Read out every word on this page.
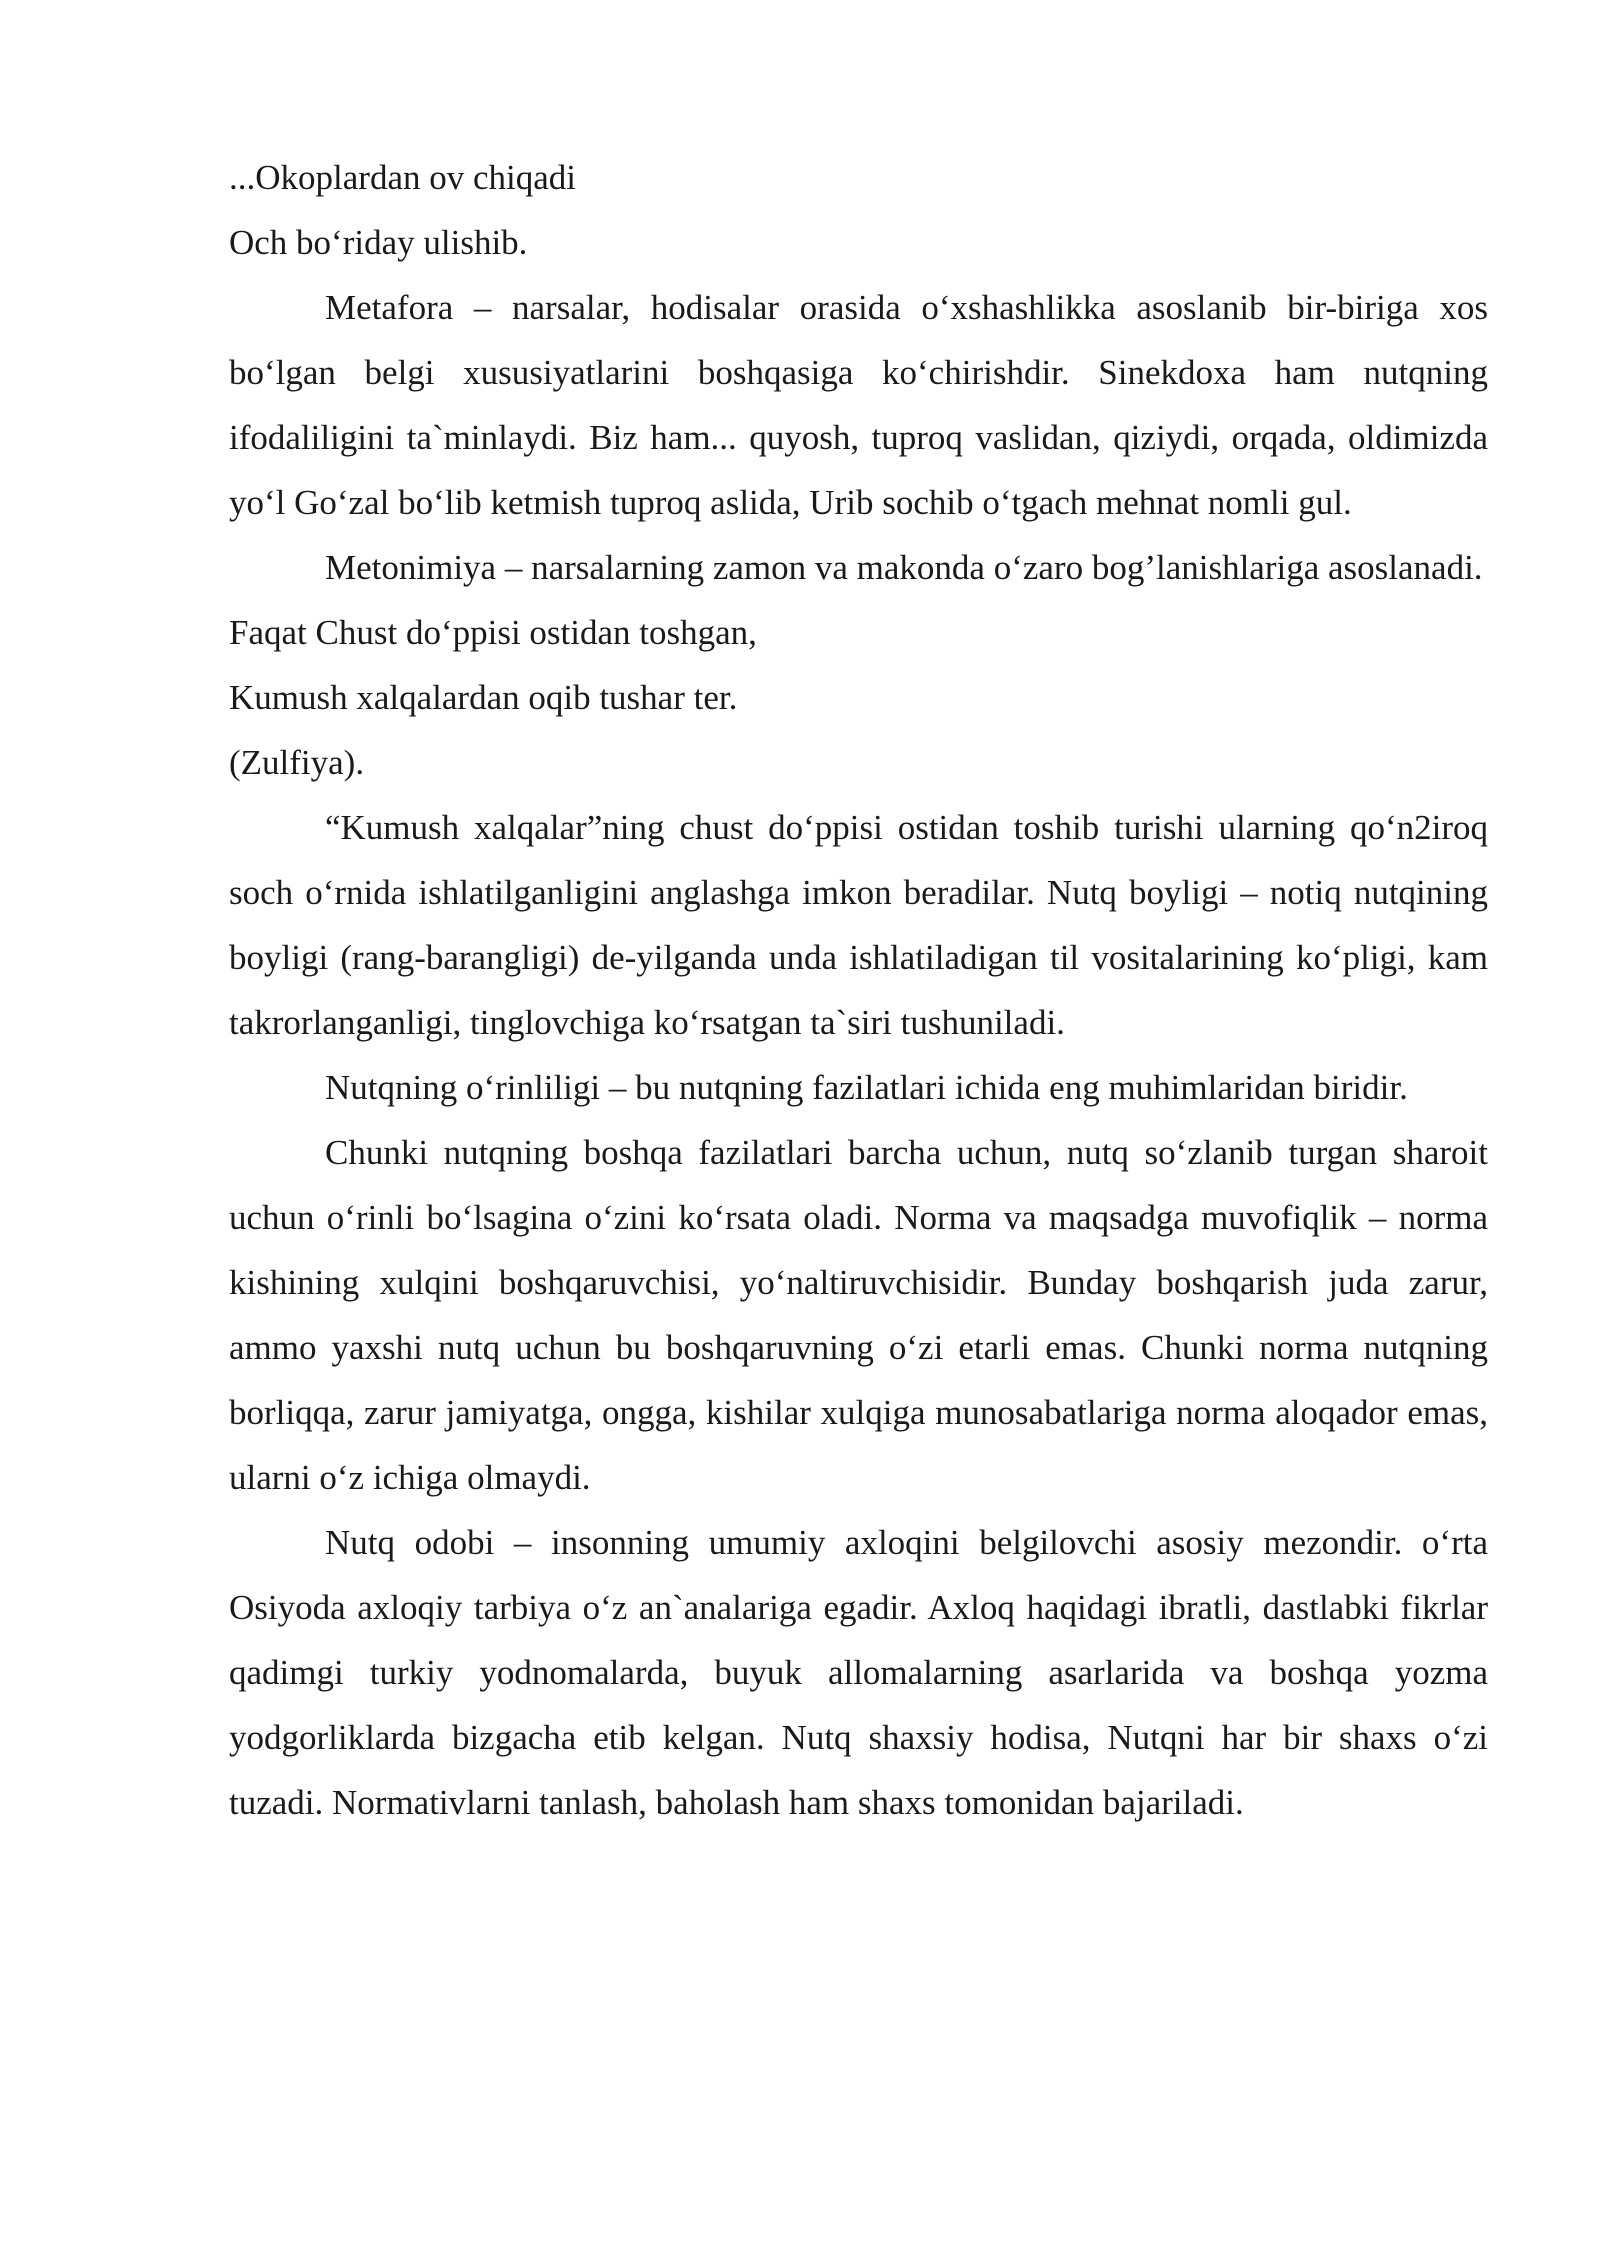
...Okoplardan ov chiqadi
Och bo‘riday ulishib.

Metafora – narsalar, hodisalar orasida o‘xshashlikka asoslanib bir-biriga xos bo‘lgan belgi xususiyatlarini boshqasiga ko‘chirishdir. Sinekdoxa ham nutqning ifodaliligini ta`minlaydi. Biz ham... quyosh, tuproq vaslidan, qiziydi, orqada, oldimizda yo‘l Go‘zal bo‘lib ketmish tuproq aslida, Urib sochib o‘tgach mehnat nomli gul.

Metonimiya – narsalarning zamon va makonda o‘zaro bog’lanishlariga asoslanadi.

Faqat Chust do‘ppisi ostidan toshgan,
Kumush xalqalardan oqib tushar ter.
(Zulfiya).

“Kumush xalqalar”ning chust do‘ppisi ostidan toshib turishi ularning qo‘n2iroq soch o‘rnida ishlatilganligini anglashga imkon beradilar. Nutq boyligi – notiq nutqining boyligi (rang-barangligi) de-yilganda unda ishlatiladigan til vositalarining ko‘pligi, kam takrorlanganligi, tinglovchiga ko‘rsatgan ta`siri tushuniladi.

Nutqning o‘rinliligi – bu nutqning fazilatlari ichida eng muhimlaridan biridir.

Chunki nutqning boshqa fazilatlari barcha uchun, nutq so‘zlanib turgan sharoit uchun o‘rinli bo‘lsagina o‘zini ko‘rsata oladi. Norma va maqsadga muvofiqlik – norma kishining xulqini boshqaruvchisi, yo‘naltiruvchisidir. Bunday boshqarish juda zarur, ammo yaxshi nutq uchun bu boshqaruvning o‘zi etarli emas. Chunki norma nutqning borliqqa, zarur jamiyatga, ongga, kishilar xulqiga munosabatlariga norma aloqador emas, ularni o‘z ichiga olmaydi.

Nutq odobi – insonning umumiy axloqini belgilovchi asosiy mezondir. o‘rta Osiyoda axloqiy tarbiya o‘z an`analariga egadir. Axloq haqidagi ibratli, dastlabki fikrlar qadimgi turkiy yodnomalarda, buyuk allomalarning asarlarida va boshqa yozma yodgorliklarda bizgacha etib kelgan. Nutq shaxsiy hodisa, Nutqni har bir shaxs o‘zi tuzadi. Normativlarni tanlash, baholash ham shaxs tomonidan bajariladi.
